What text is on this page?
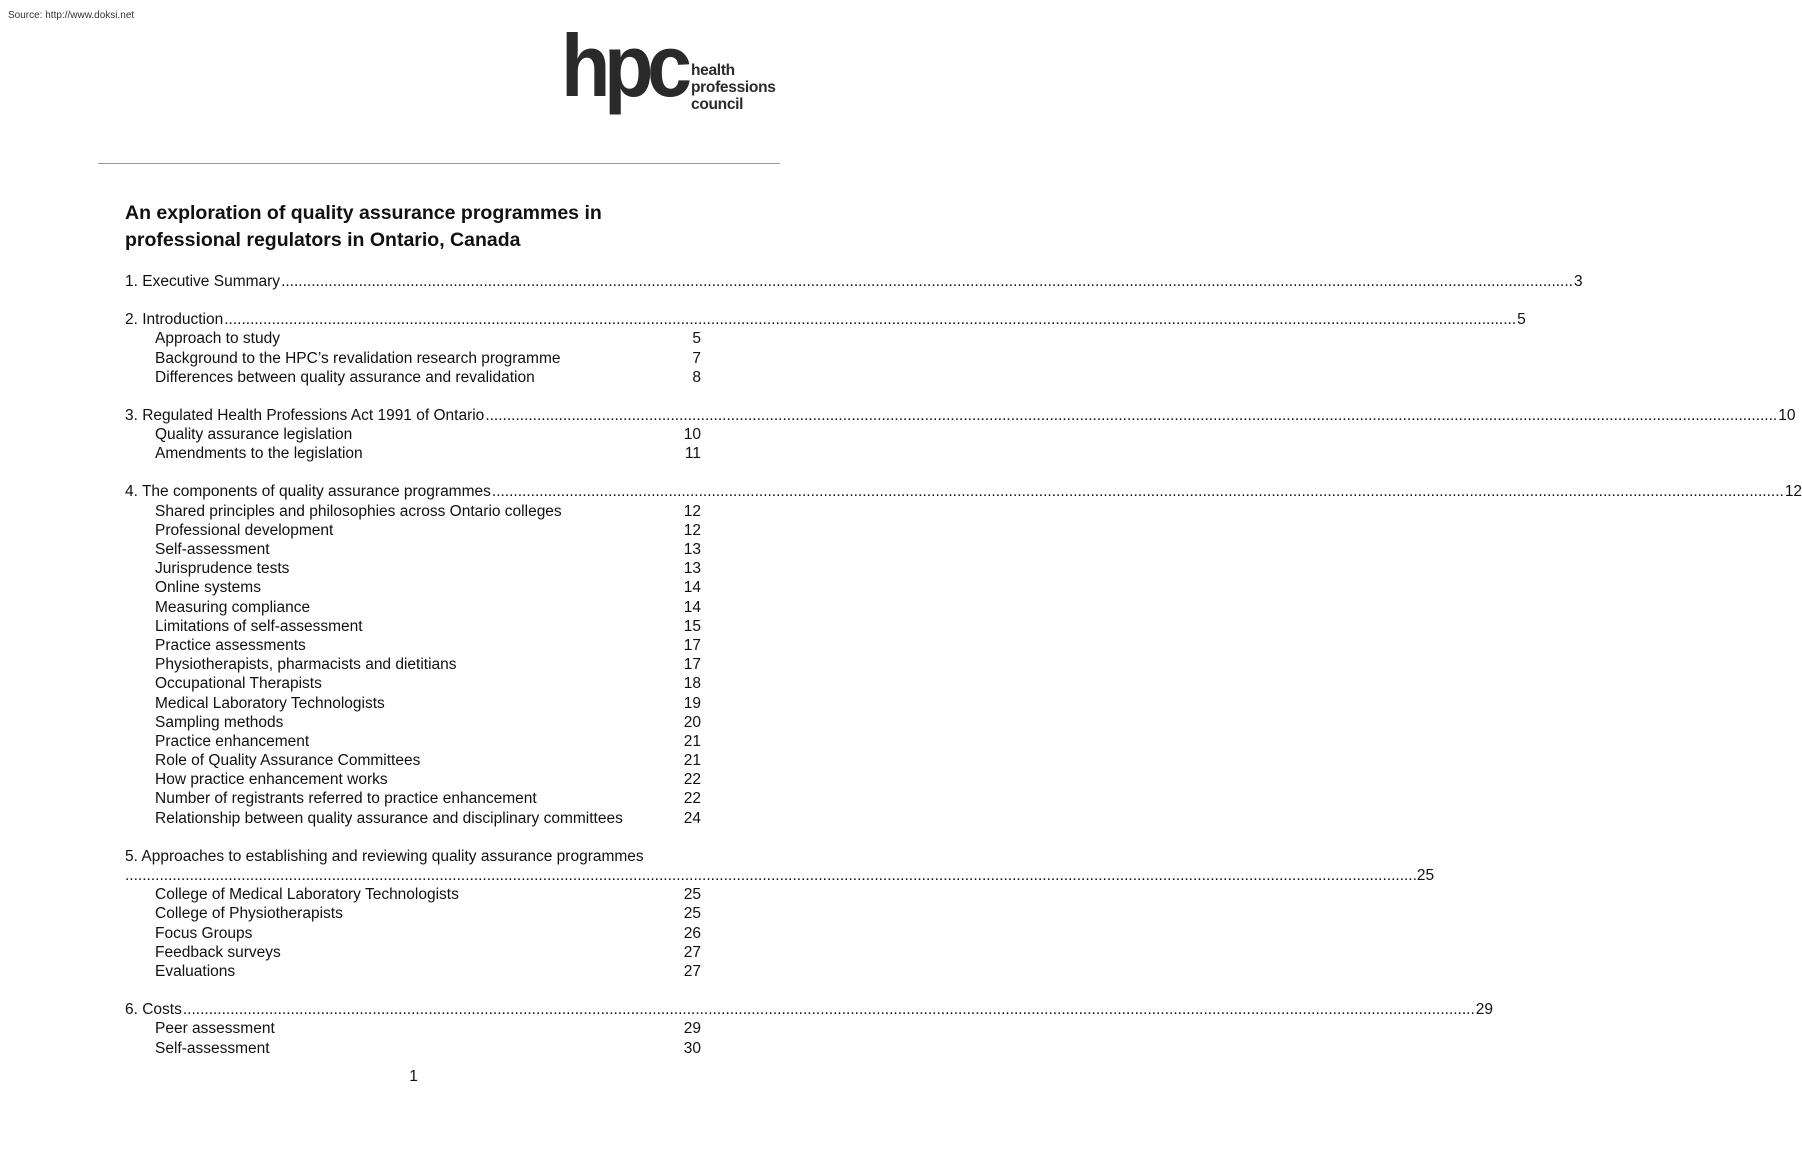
Source: http://www.doksi.net
hpc health
professions
council
An exploration of quality assurance programmes in professional regulators in Ontario, Canada
1. Executive Summary ............................................................................................................................................................................................................................................................................................................ 3
2. Introduction ............................................................................................................................................................................................................................................................................................................ 5
Approach to study	5
Background to the HPC’s revalidation research programme	7
Differences between quality assurance and revalidation	8
3. Regulated Health Professions Act 1991 of Ontario ............................................................................................................................................................................................................................................................................................................ 10
Quality assurance legislation	10
Amendments to the legislation	11
4. The components of quality assurance programmes ............................................................................................................................................................................................................................................................................................................ 12
Shared principles and philosophies across Ontario colleges	12
Professional development	12
Self-assessment	13
Jurisprudence tests	13
Online systems	14
Measuring compliance	14
Limitations of self-assessment	15
Practice assessments	17
Physiotherapists, pharmacists and dietitians	17
Occupational Therapists	18
Medical Laboratory Technologists	19
Sampling methods	20
Practice enhancement	21
Role of Quality Assurance Committees	21
How practice enhancement works	22
Number of registrants referred to practice enhancement	22
Relationship between quality assurance and disciplinary committees	24
5. Approaches to establishing and reviewing quality assurance programmes
............................................................................................................................................................................................................................................................................................................ 25
College of Medical Laboratory Technologists	25
College of Physiotherapists	25
Focus Groups	26
Feedback surveys	27
Evaluations	27
6. Costs ............................................................................................................................................................................................................................................................................................................ 29
Peer assessment	29
Self-assessment	30
1
